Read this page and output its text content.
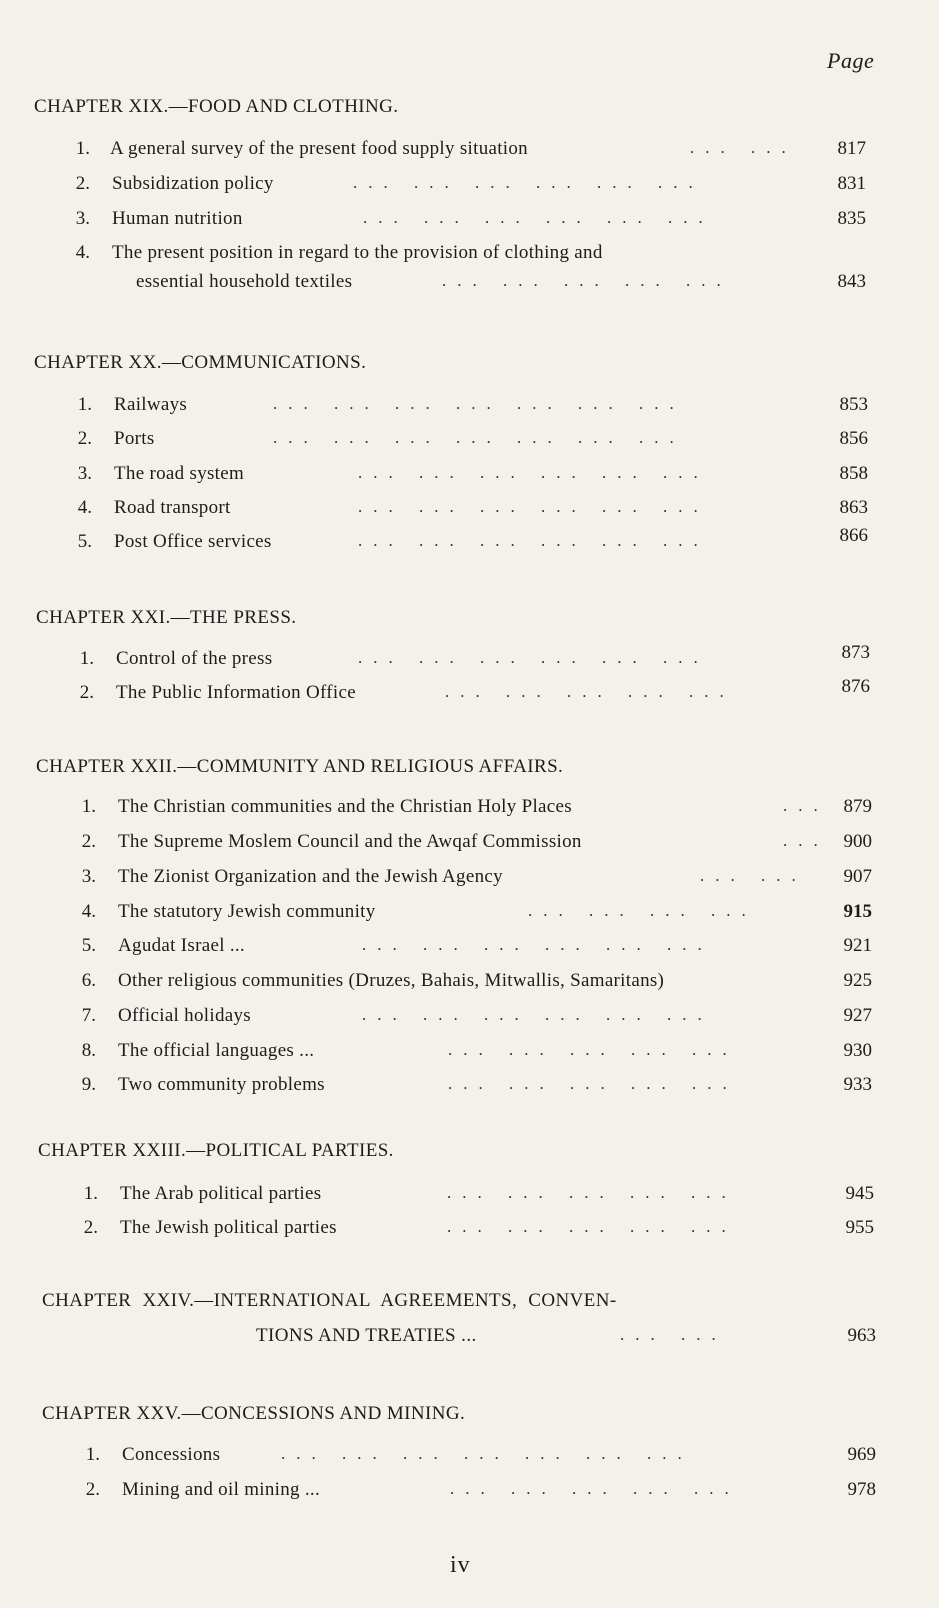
Page
CHAPTER XIX.—FOOD AND CLOTHING.
1. A general survey of the present food supply situation	... ...	817
2. Subsidization policy	... ... ... ... ... ...	831
3. Human nutrition	... ... ... ... ... ...	835
4. The present position in regard to the provision of clothing and
essential household textiles	... ... ... ... ...	843
CHAPTER XX.—COMMUNICATIONS.
1. Railways	... ... ... ... ... ... ...	853
2. Ports	... ... ... ... ... ... ...	856
3. The road system	... ... ... ... ... ...	858
4. Road transport	... ... ... ... ... ...	863
5. Post Office services	... ... ... ... ... ...	866
CHAPTER XXI.—THE PRESS.
1. Control of the press	... ... ... ... ... ...	873
2. The Public Information Office	... ... ... ... ...	876
CHAPTER XXII.—COMMUNITY AND RELIGIOUS AFFAIRS.
1. The Christian communities and the Christian Holy Places	... 879
2. The Supreme Moslem Council and the Awqaf Commission	... 900
3. The Zionist Organization and the Jewish Agency	... ...	907
4. The statutory Jewish community	... ... ... ...	915
5. Agudat Israel ...	... ... ... ... ... ...	921
6. Other religious communities (Druzes, Bahais, Mitwallis, Samaritans)	925
7. Official holidays	... ... ... ... ... ...	927
8. The official languages ...	... ... ... ... ...	930
9. Two community problems	... ... ... ... ...	933
CHAPTER XXIII.—POLITICAL PARTIES.
1. The Arab political parties	... ... ... ... ...	945
2. The Jewish political parties	... ... ... ... ...	955
CHAPTER XXIV.—INTERNATIONAL AGREEMENTS, CONVEN-
TIONS AND TREATIES ...	... ...	963
CHAPTER XXV.—CONCESSIONS AND MINING.
1. Concessions	... ... ... ... ... ... ...	969
2. Mining and oil mining ...	... ... ... ... ...	978
iv
